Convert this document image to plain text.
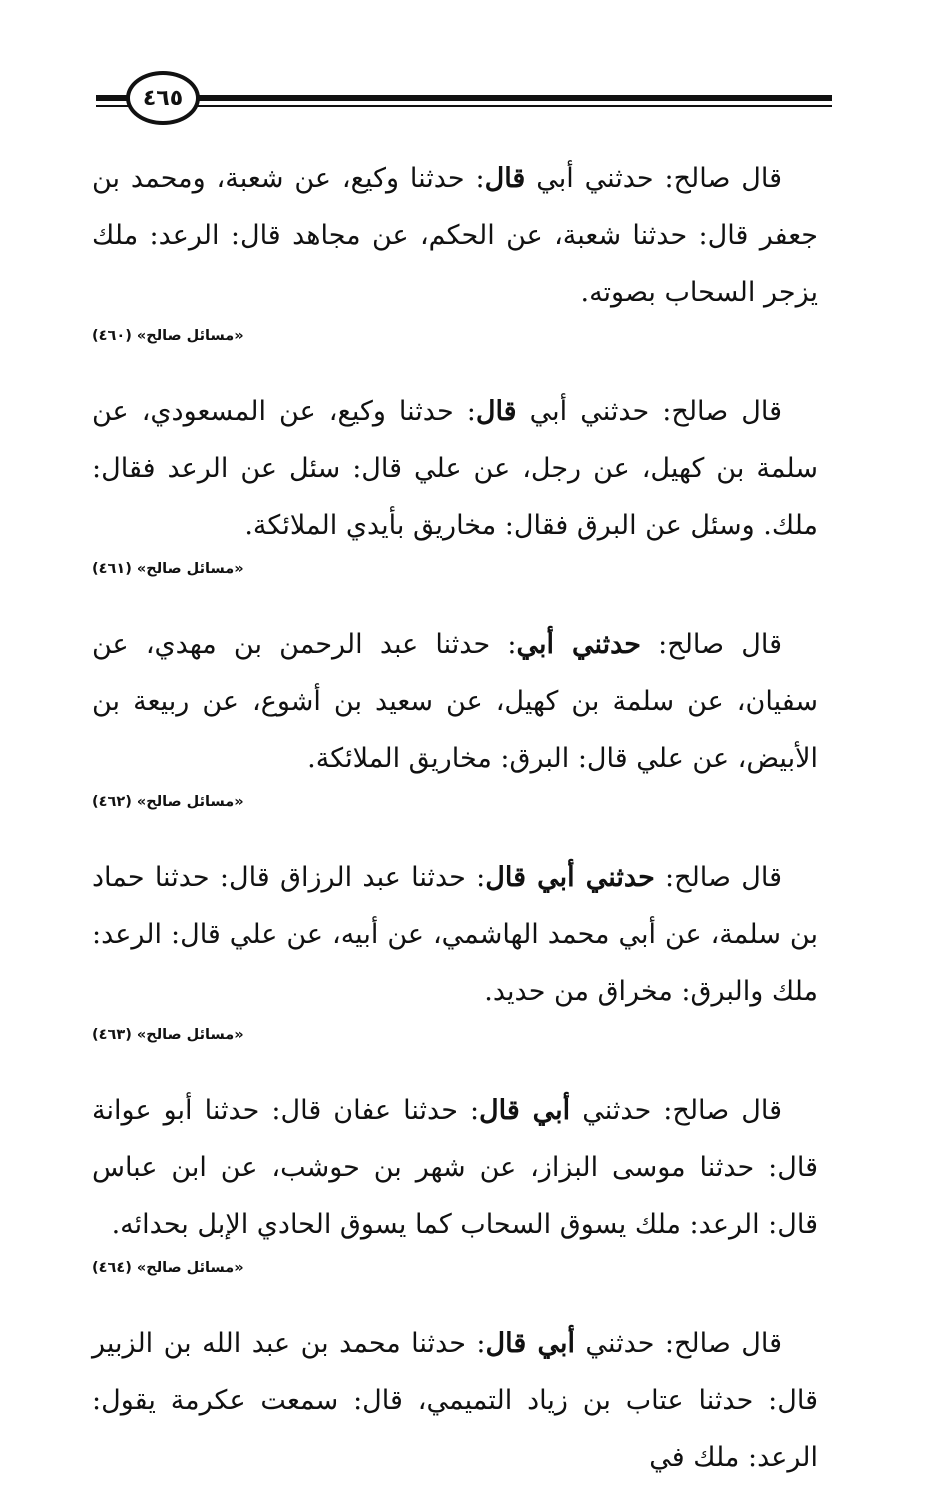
٤٦٥

قال صالح: حدثني أبي قال: حدثنا وكيع، عن شعبة، ومحمد بن جعفر قال: حدثنا شعبة، عن الحكم، عن مجاهد قال: الرعد: ملك يزجر السحاب بصوته.

«مسائل صالح» (٤٦٠)

قال صالح: حدثني أبي قال: حدثنا وكيع، عن المسعودي، عن سلمة بن كهيل، عن رجل، عن علي قال: سئل عن الرعد فقال: ملك. وسئل عن البرق فقال: مخاريق بأيدي الملائكة.

«مسائل صالح» (٤٦١)

قال صالح: حدثني أبي: حدثنا عبد الرحمن بن مهدي، عن سفيان، عن سلمة بن كهيل، عن سعيد بن أشوع، عن ربيعة بن الأبيض، عن علي قال: البرق: مخاريق الملائكة.

«مسائل صالح» (٤٦٢)

قال صالح: حدثني أبي قال: حدثنا عبد الرزاق قال: حدثنا حماد بن سلمة، عن أبي محمد الهاشمي، عن أبيه، عن علي قال: الرعد: ملك والبرق: مخراق من حديد.

«مسائل صالح» (٤٦٣)

قال صالح: حدثني أبي قال: حدثنا عفان قال: حدثنا أبو عوانة قال: حدثنا موسى البزاز، عن شهر بن حوشب، عن ابن عباس قال: الرعد: ملك يسوق السحاب كما يسوق الحادي الإبل بحدائه.

«مسائل صالح» (٤٦٤)

قال صالح: حدثني أبي قال: حدثنا محمد بن عبد الله بن الزبير قال: حدثنا عتاب بن زياد التميمي، قال: سمعت عكرمة يقول: الرعد: ملك في
